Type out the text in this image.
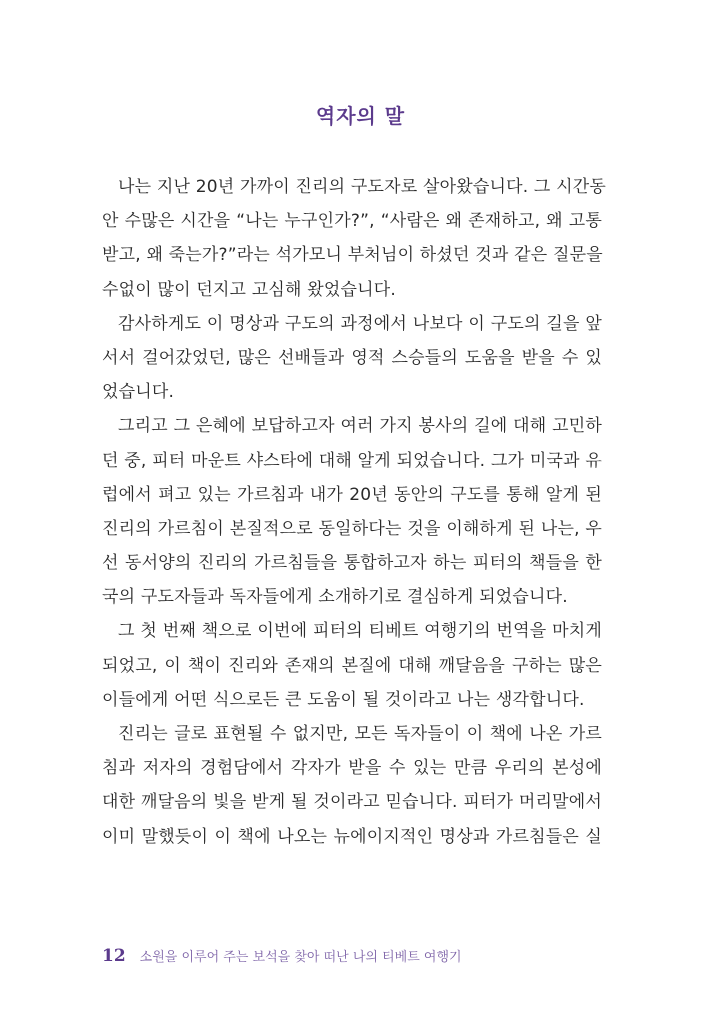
역자의 말
나는 지난 20년 가까이 진리의 구도자로 살아왔습니다. 그 시간동
안 수많은 시간을 “나는 누구인가?”, “사람은 왜 존재하고, 왜 고통
받고, 왜 죽는가?”라는 석가모니 부처님이 하셨던 것과 같은 질문을
수없이 많이 던지고 고심해 왔었습니다.
감사하게도 이 명상과 구도의 과정에서 나보다 이 구도의 길을 앞
서서 걸어갔었던, 많은 선배들과 영적 스승들의 도움을 받을 수 있
었습니다.
그리고 그 은혜에 보답하고자 여러 가지 봉사의 길에 대해 고민하
던 중, 피터 마운트 샤스타에 대해 알게 되었습니다. 그가 미국과 유
럽에서 펴고 있는 가르침과 내가 20년 동안의 구도를 통해 알게 된
진리의 가르침이 본질적으로 동일하다는 것을 이해하게 된 나는, 우
선 동서양의 진리의 가르침들을 통합하고자 하는 피터의 책들을 한
국의 구도자들과 독자들에게 소개하기로 결심하게 되었습니다.
그 첫 번째 책으로 이번에 피터의 티베트 여행기의 번역을 마치게
되었고, 이 책이 진리와 존재의 본질에 대해 깨달음을 구하는 많은
이들에게 어떤 식으로든 큰 도움이 될 것이라고 나는 생각합니다.
진리는 글로 표현될 수 없지만, 모든 독자들이 이 책에 나온 가르
침과 저자의 경험담에서 각자가 받을 수 있는 만큼 우리의 본성에
대한 깨달음의 빛을 받게 될 것이라고 믿습니다. 피터가 머리말에서
이미 말했듯이 이 책에 나오는 뉴에이지적인 명상과 가르침들은 실
12 소원을 이루어 주는 보석을 찾아 떠난 나의 티베트 여행기
